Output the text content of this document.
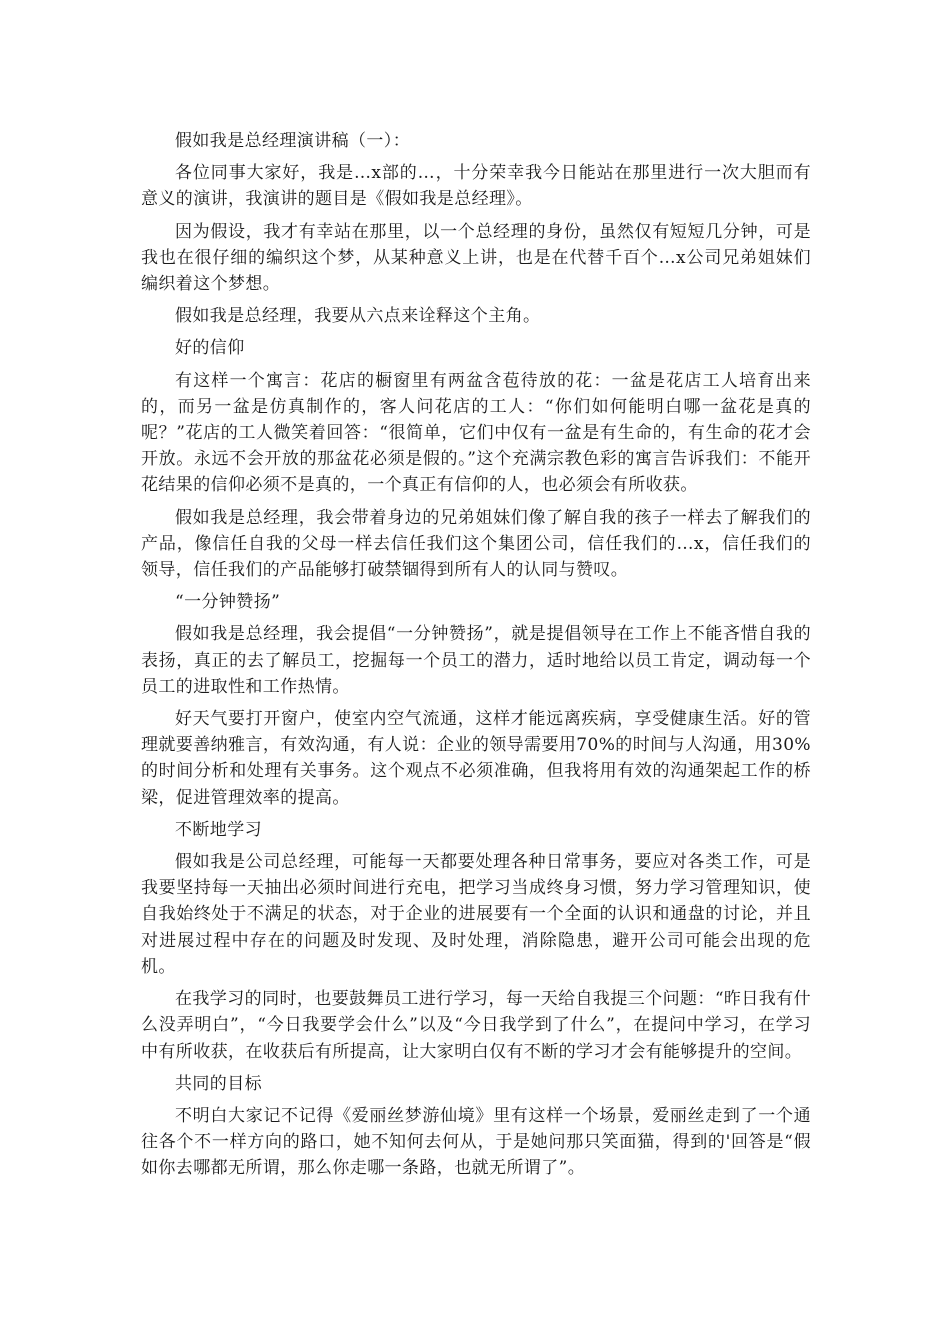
假如我是总经理演讲稿（一）：

各位同事大家好，我是…x部的…，十分荣幸我今日能站在那里进行一次大胆而有意义的演讲，我演讲的题目是《假如我是总经理》。

因为假设，我才有幸站在那里，以一个总经理的身份，虽然仅有短短几分钟，可是我也在很仔细的编织这个梦，从某种意义上讲，也是在代替千百个…x公司兄弟姐妹们编织着这个梦想。

假如我是总经理，我要从六点来诠释这个主角。

好的信仰

有这样一个寓言：花店的橱窗里有两盆含苞待放的花：一盆是花店工人培育出来的，而另一盆是仿真制作的，客人问花店的工人：“你们如何能明白哪一盆花是真的呢？”花店的工人微笑着回答：“很简单，它们中仅有一盆是有生命的，有生命的花才会开放。永远不会开放的那盆花必须是假的。”这个充满宗教色彩的寓言告诉我们：不能开花结果的信仰必须不是真的，一个真正有信仰的人，也必须会有所收获。

假如我是总经理，我会带着身边的兄弟姐妹们像了解自我的孩子一样去了解我们的产品，像信任自我的父母一样去信任我们这个集团公司，信任我们的…x，信任我们的领导，信任我们的产品能够打破禁锢得到所有人的认同与赞叹。

“一分钟赞扬”

假如我是总经理，我会提倡“一分钟赞扬”，就是提倡领导在工作上不能吝惜自我的表扬，真正的去了解员工，挖掘每一个员工的潜力，适时地给以员工肯定，调动每一个员工的进取性和工作热情。

好天气要打开窗户，使室内空气流通，这样才能远离疾病，享受健康生活。好的管理就要善纳雅言，有效沟通，有人说：企业的领导需要用70%的时间与人沟通，用30%的时间分析和处理有关事务。这个观点不必须准确，但我将用有效的沟通架起工作的桥梁，促进管理效率的提高。

不断地学习

假如我是公司总经理，可能每一天都要处理各种日常事务，要应对各类工作，可是我要坚持每一天抽出必须时间进行充电，把学习当成终身习惯，努力学习管理知识，使自我始终处于不满足的状态，对于企业的进展要有一个全面的认识和通盘的讨论，并且对进展过程中存在的问题及时发现、及时处理，消除隐患，避开公司可能会出现的危机。

在我学习的同时，也要鼓舞员工进行学习，每一天给自我提三个问题：“昨日我有什么没弄明白”，“今日我要学会什么”以及“今日我学到了什么”，在提问中学习，在学习中有所收获，在收获后有所提高，让大家明白仅有不断的学习才会有能够提升的空间。

共同的目标

不明白大家记不记得《爱丽丝梦游仙境》里有这样一个场景，爱丽丝走到了一个通往各个不一样方向的路口，她不知何去何从，于是她问那只笑面猫，得到的'回答是“假如你去哪都无所谓，那么你走哪一条路，也就无所谓了”。
